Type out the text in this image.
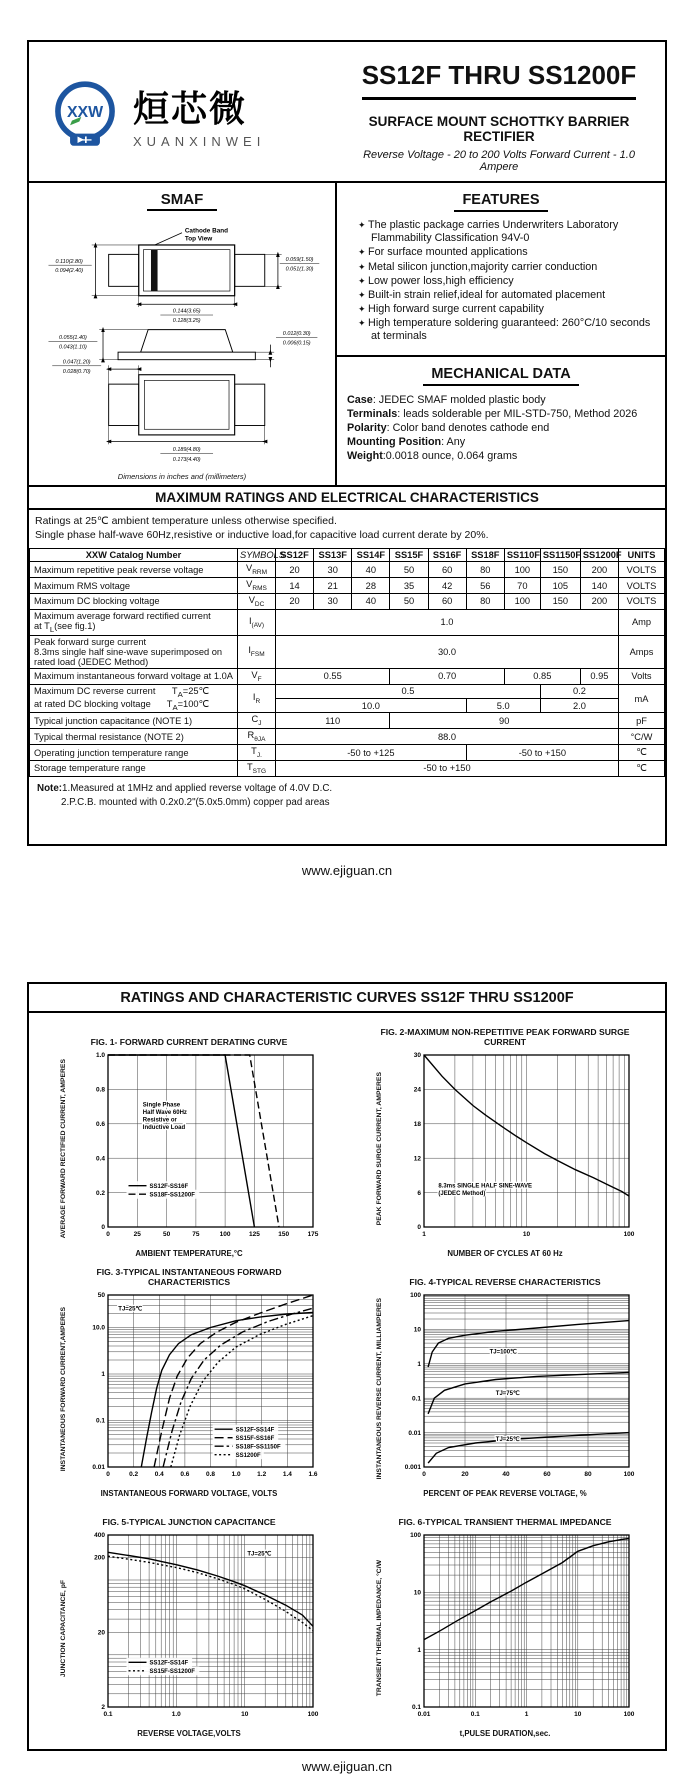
XXW 烜芯微
XUANXINWEI
SS12F THRU SS1200F
SURFACE MOUNT SCHOTTKY BARRIER RECTIFIER
Reverse Voltage - 20 to 200 Volts Forward Current - 1.0 Ampere
SMAF
Cathode Band
Top View
0.110(2.80)
0.094(2.40)
0.059(1.50)
0.051(1.30)
0.144(3.65)
0.128(3.25)
0.055(1.40)
0.043(1.10)
0.012(0.30)
0.006(0.15)
0.047(1.20)
0.028(0.70)
0.189(4.80)
0.173(4.40)
Dimensions in inches and (millimeters)
FEATURES
✦ The plastic package carries Underwriters Laboratory Flammability Classification 94V-0
✦ For surface mounted applications
✦ Metal silicon junction,majority carrier conduction
✦ Low power loss,high efficiency
✦ Built-in strain relief,ideal for automated placement
✦ High forward surge current capability
✦ High temperature soldering guaranteed: 260°C/10 seconds at terminals
MECHANICAL DATA
Case: JEDEC SMAF molded plastic body
Terminals: leads solderable per MIL-STD-750, Method 2026
Polarity: Color band denotes cathode end
Mounting Position: Any
Weight:0.0018 ounce, 0.064 grams
MAXIMUM RATINGS AND ELECTRICAL CHARACTERISTICS
Ratings at 25℃ ambient temperature unless otherwise specified.
Single phase half-wave 60Hz,resistive or inductive load,for capacitive load current derate by 20%.
XXW Catalog Number	SYMBOLS	SS12F	SS13F	SS14F	SS15F	SS16F	SS18F	SS110F	SS1150F	SS1200F	UNITS
Maximum repetitive peak reverse voltage	$V_{RRM}$	20	30	40	50	60	80	100	150	200	VOLTS
Maximum RMS voltage	$V_{RMS}$	14	21	28	35	42	56	70	105	140	VOLTS
Maximum DC blocking voltage	$V_{DC}$	20	30	40	50	60	80	100	150	200	VOLTS

Maximum average forward rectified current
at $T_L(see$ fig.1)	$I_{(AV)}$	1.0									Amp

Peak forward surge current
8.3ms single half sine-wave superimposed on
rated load (JEDEC Method)	$I_{FSM}$	30.0									Amps
Maximum instantaneous forward voltage at 1.0A	$V_F$	0.55			0.70			0.85		0.95	Volts

Maximum DC reverse current $T_A=25℃$
at rated DC blocking voltage $T_A=100℃$	$I_R$	0.5							0.2		mA
		10.0					5.0		2.0		
Typical junction capacitance (NOTE 1)	$C_J$	110			90						pF
Typical thermal resistance (NOTE 2)	$R_{\theta JA}$	88.0									°C/W
Operating junction temperature range	$T_{J.}$	-50 to +125					-50 to +150				℃
Storage temperature range	$T_{STG}$	-50 to +150									℃
Note:1.Measured at 1MHz and applied reverse voltage of 4.0V D.C.
2.P.C.B. mounted with 0.2x0.2"(5.0x5.0mm) copper pad areas
www.ejiguan.cn
RATINGS AND CHARACTERISTIC CURVES SS12F THRU SS1200F
FIG. 1- FORWARD CURRENT DERATING CURVE
AVERAGE FORWARD RECTIFIED CURRENT, AMPERES	0	25	50	75	100	125	150	175
0
0.2
0.4
0.6
0.8
1.0
Single Phase
Half Wave 60Hz
Resistive or
Inductive Load
SS12F-SS16F
SS18F-SS1200F
AMBIENT TEMPERATURE,°C
FIG. 2-MAXIMUM NON-REPETITIVE PEAK FORWARD SURGE CURRENT
PEAK FORWARD SURGE CURRENT, AMPERES
1	10	100
0
6
12
18
24
30
8.3ms SINGLE HALF SINE-WAVE
(JEDEC Method)
NUMBER OF CYCLES AT 60 Hz
FIG. 3-TYPICAL INSTANTANEOUS FORWARD CHARACTERISTICS
INSTANTANEOUS FORWARD CURRENT,AMPERES
0	0.2	0.4	0.6	0.8	1.0	1.2	1.4	1.6
0.01
0.1
1
10.0
50
TJ=25℃
SS12F-SS14F
SS15F-SS16F
SS18F-SS1150F
SS1200F
INSTANTANEOUS FORWARD VOLTAGE, VOLTS
FIG. 4-TYPICAL REVERSE CHARACTERISTICS
INSTANTANEOUS REVERSE CURRENT, MILLIAMPERES	0	20	40	60	80	100
0.001
0.01
0.1
1
10
100
TJ=100℃
TJ=75℃
TJ=25℃
PERCENT OF PEAK REVERSE VOLTAGE, %
FIG. 5-TYPICAL JUNCTION CAPACITANCE
JUNCTION CAPACITANCE, pF
0.1	1.0	10	100
2
20
200
400
TJ=25℃
SS12F-SS14F
SS15F-SS1200F
REVERSE VOLTAGE,VOLTS
FIG. 6-TYPICAL TRANSIENT THERMAL IMPEDANCE
TRANSIENT THERMAL IMPEDANCE, °C/W
0.01	0.1	1	10	100
0.1
1
10
100
t,PULSE DURATION,sec.
www.ejiguan.cn
